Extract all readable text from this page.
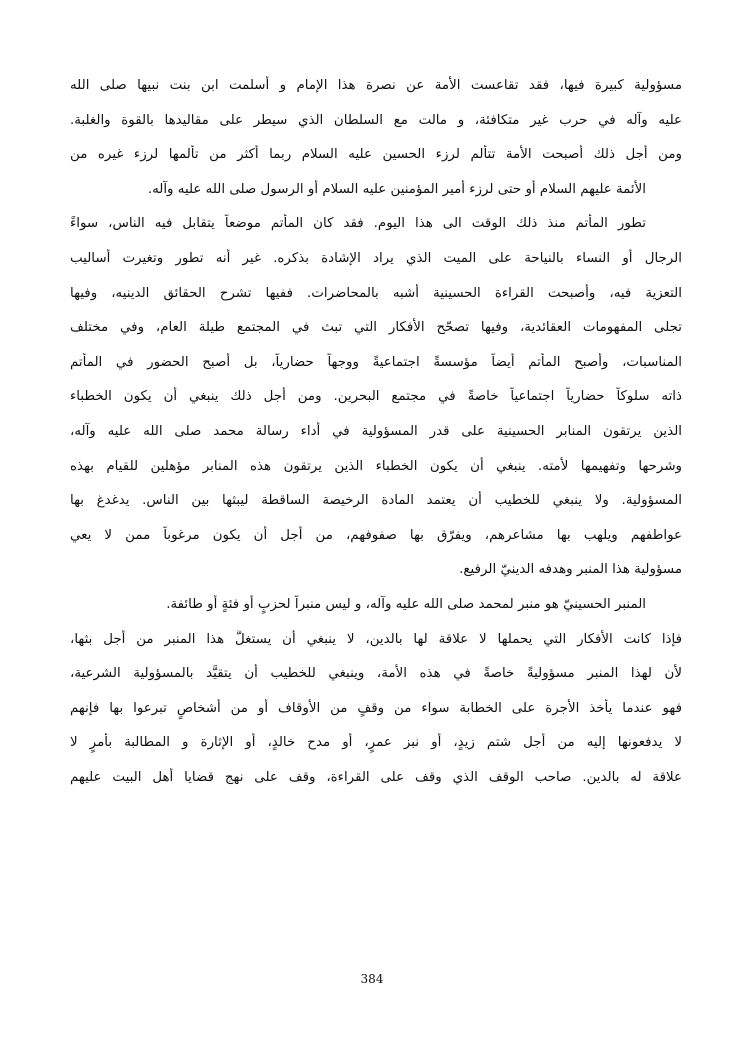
مسؤولية كبيرة فيها، فقد تقاعست الأمة عن نصرة هذا الإمام و أسلمت ابن بنت نبيها صلى الله
عليه وآله في حرب غير متكافئة، و مالت مع السلطان الذي سيطر على مقاليدها بالقوة والغلبة.
ومن أجل ذلك أصبحت الأمة تتألم لرزء الحسين عليه السلام ربما أكثر من تألمها لرزء غيره من
الأئمة عليهم السلام أو حتى لرزء أمير المؤمنين عليه السلام أو الرسول صلى الله عليه وآله.
تطور المأتم منذ ذلك الوقت الى هذا اليوم. فقد كان المأتم موضعاً يتقابل فيه الناس، سواءً
الرجال أو النساء بالنياحة على الميت الذي يراد الإشادة بذكره. غير أنه تطور وتغيرت أساليب
التعزية فيه، وأصبحت القراءة الحسينية أشبه بالمحاضرات. ففيها تشرح الحقائق الدينيه، وفيها
تجلى المفهومات العقائدية، وفيها تصحّح الأفكار التي تبث في المجتمع طيلة العام، وفي مختلف
المناسبات، وأصبح المأتم أيضاً مؤسسةً اجتماعيةً ووجهاً حضارياً، بل أصبح الحضور في المأتم
ذاته سلوكاً حضارياً اجتماعياً خاصةً في مجتمع البحرين. ومن أجل ذلك ينبغي أن يكون الخطباء
الذين يرتقون المنابر الحسينية على قدر المسؤولية في أداء رسالة محمد صلى الله عليه وآله،
وشرحها وتفهيمها لأمته. ينبغي أن يكون الخطباء الذين يرتقون هذه المنابر مؤهلين للقيام بهذه
المسؤولية. ولا ينبغي للخطيب أن يعتمد المادة الرخيصة الساقطة ليبثها بين الناس. يدغدغ بها
عواطفهم ويلهب بها مشاعرهم، ويفرّق بها صفوفهم، من أجل أن يكون مرغوباً ممن لا يعي
مسؤولية هذا المنبر وهدفه الدينيّ الرفيع.
المنبر الحسينيّ هو منبر لمحمد صلى الله عليه وآله، و ليس منبراً لحزبٍ أو فئةٍ أو طائفة.
فإذا كانت الأفكار التي يحملها لا علاقة لها بالدين، لا ينبغي أن يستغلَّ هذا المنبر من أجل بثها،
لأن لهذا المنبر مسؤوليةً خاصةً في هذه الأمة، وينبغي للخطيب أن يتقيَّد بالمسؤولية الشرعية،
فهو عندما يأخذ الأجرة على الخطابة سواء من وقفٍ من الأوقاف أو من أشخاصٍ تبرعوا بها فإنهم
لا يدفعونها إليه من أجل شتم زيدٍ، أو نبز عمرٍ، أو مدح خالدٍ، أو الإثارة و المطالبة بأمرٍ لا
علاقة له بالدين. صاحب الوقف الذي وقف على القراءة، وقف على نهج قضايا أهل البيت عليهم
384
